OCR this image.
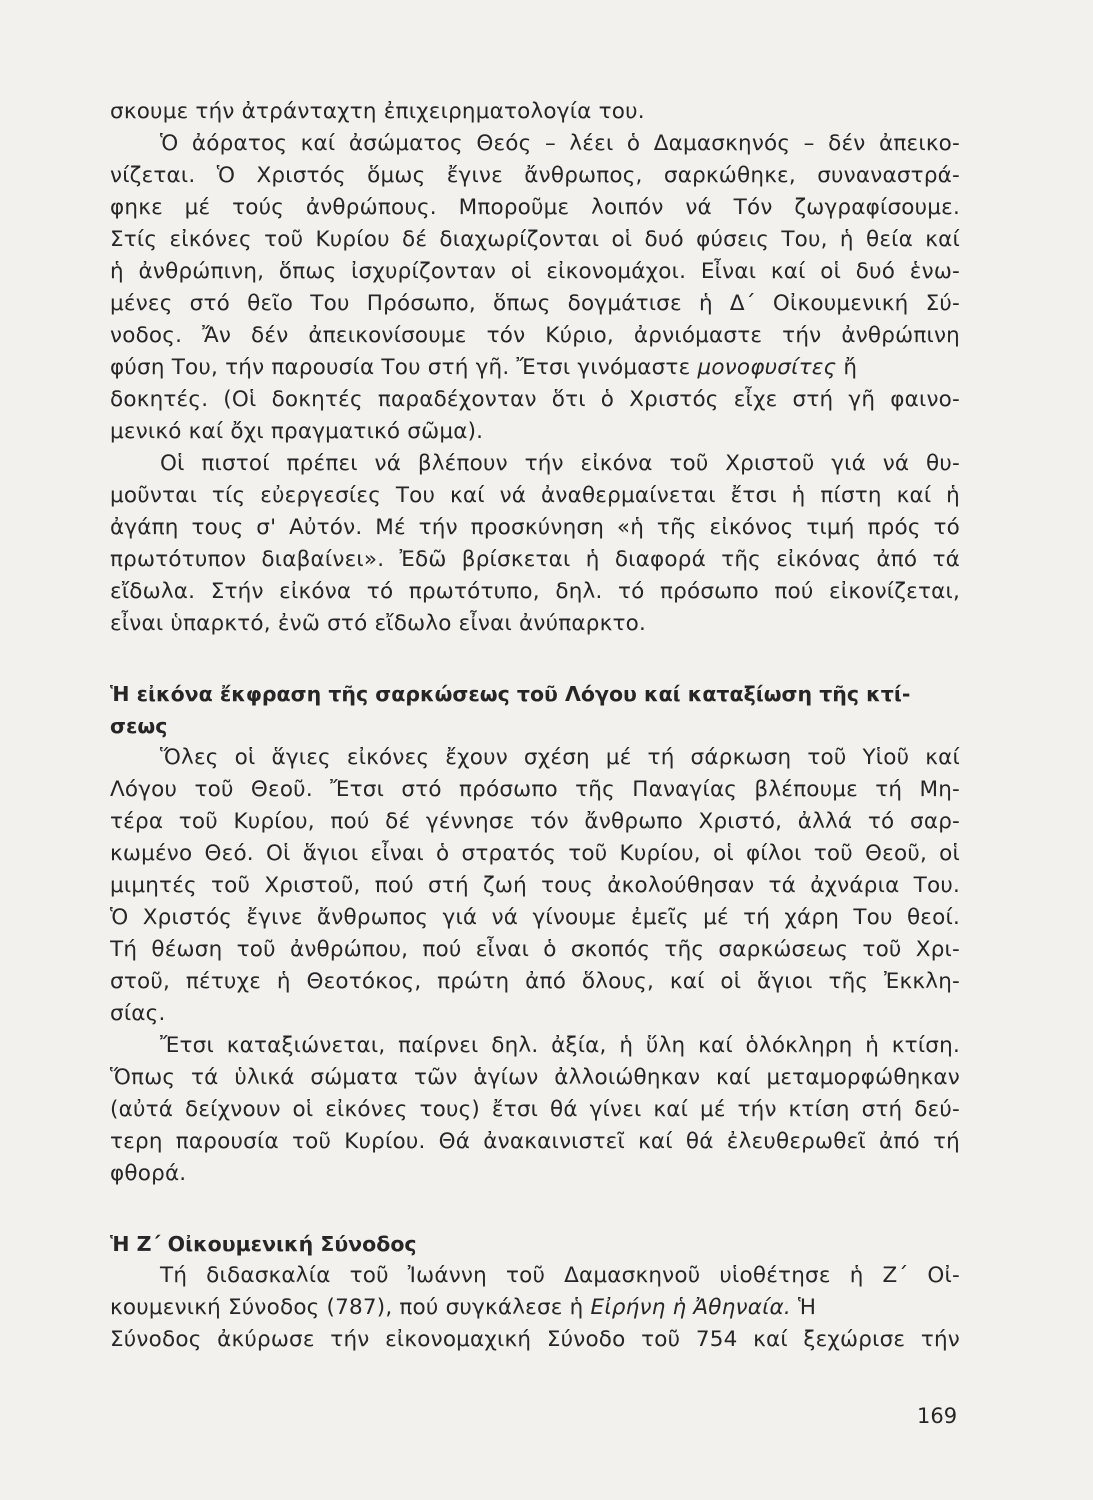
σκουμε τήν ἀτράνταχτη ἐπιχειρηματολογία του.
Ὁ ἀόρατος καί ἀσώματος Θεός – λέει ὁ Δαμασκηνός – δέν ἀπεικο-
νίζεται. Ὁ Χριστός ὅμως ἔγινε ἄνθρωπος, σαρκώθηκε, συναναστρά-
φηκε μέ τούς ἀνθρώπους. Μποροῦμε λοιπόν νά Τόν ζωγραφίσουμε.
Στίς εἰκόνες τοῦ Κυρίου δέ διαχωρίζονται οἱ δυό φύσεις Του, ἡ θεία καί
ἡ ἀνθρώπινη, ὅπως ἰσχυρίζονταν οἱ εἰκονομάχοι. Εἶναι καί οἱ δυό ἑνω-
μένες στό θεῖο Του Πρόσωπο, ὅπως δογμάτισε ἡ Δ΄ Οἰκουμενική Σύ-
νοδος. Ἄν δέν ἀπεικονίσουμε τόν Κύριο, ἀρνιόμαστε τήν ἀνθρώπινη
φύση Του, τήν παρουσία Του στή γῆ. Ἔτσι γινόμαστε μονοφυσίτες ἤ
δοκητές. (Οἱ δοκητές παραδέχονταν ὅτι ὁ Χριστός εἶχε στή γῆ φαινο-
μενικό καί ὄχι πραγματικό σῶμα).
Οἱ πιστοί πρέπει νά βλέπουν τήν εἰκόνα τοῦ Χριστοῦ γιά νά θυ-
μοῦνται τίς εὐεργεσίες Του καί νά ἀναθερμαίνεται ἔτσι ἡ πίστη καί ἡ
ἀγάπη τους σ' Αὐτόν. Μέ τήν προσκύνηση «ἡ τῆς εἰκόνος τιμή πρός τό
πρωτότυπον διαβαίνει». Ἐδῶ βρίσκεται ἡ διαφορά τῆς εἰκόνας ἀπό τά
εἴδωλα. Στήν εἰκόνα τό πρωτότυπο, δηλ. τό πρόσωπο πού εἰκονίζεται,
εἶναι ὑπαρκτό, ἐνῶ στό εἴδωλο εἶναι ἀνύπαρκτο.
Ἡ εἰκόνα ἔκφραση τῆς σαρκώσεως τοῦ Λόγου καί καταξίωση τῆς κτί-
σεως
Ὅλες οἱ ἅγιες εἰκόνες ἔχουν σχέση μέ τή σάρκωση τοῦ Υἱοῦ καί
Λόγου τοῦ Θεοῦ. Ἔτσι στό πρόσωπο τῆς Παναγίας βλέπουμε τή Μη-
τέρα τοῦ Κυρίου, πού δέ γέννησε τόν ἄνθρωπο Χριστό, ἀλλά τό σαρ-
κωμένο Θεό. Οἱ ἅγιοι εἶναι ὁ στρατός τοῦ Κυρίου, οἱ φίλοι τοῦ Θεοῦ, οἱ
μιμητές τοῦ Χριστοῦ, πού στή ζωή τους ἀκολούθησαν τά ἀχνάρια Του.
Ὁ Χριστός ἔγινε ἄνθρωπος γιά νά γίνουμε ἐμεῖς μέ τή χάρη Του θεοί.
Τή θέωση τοῦ ἀνθρώπου, πού εἶναι ὁ σκοπός τῆς σαρκώσεως τοῦ Χρι-
στοῦ, πέτυχε ἡ Θεοτόκος, πρώτη ἀπό ὅλους, καί οἱ ἅγιοι τῆς Ἐκκλη-
σίας.
Ἔτσι καταξιώνεται, παίρνει δηλ. ἀξία, ἡ ὕλη καί ὁλόκληρη ἡ κτίση.
Ὅπως τά ὑλικά σώματα τῶν ἁγίων ἀλλοιώθηκαν καί μεταμορφώθηκαν
(αὐτά δείχνουν οἱ εἰκόνες τους) ἔτσι θά γίνει καί μέ τήν κτίση στή δεύ-
τερη παρουσία τοῦ Κυρίου. Θά ἀνακαινιστεῖ καί θά ἐλευθερωθεῖ ἀπό τή
φθορά.
Ἡ Ζ΄ Οἰκουμενική Σύνοδος
Τή διδασκαλία τοῦ Ἰωάννη τοῦ Δαμασκηνοῦ υἱοθέτησε ἡ Ζ΄ Οἰ-
κουμενική Σύνοδος (787), πού συγκάλεσε ἡ Εἰρήνη ἡ Ἀθηναία. Ἡ
Σύνοδος ἀκύρωσε τήν εἰκονομαχική Σύνοδο τοῦ 754 καί ξεχώρισε τήν
169
